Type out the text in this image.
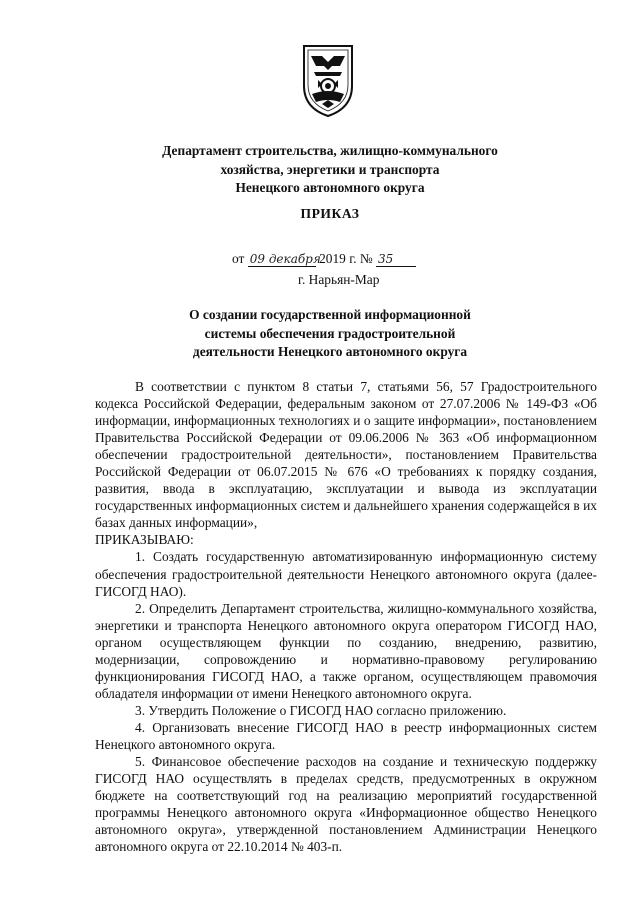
Департамент строительства, жилищно-коммунального
хозяйства, энергетики и транспорта
Ненецкого автономного округа
ПРИКАЗ
от 09 декабря 2019 г. № 35
г. Нарьян-Мар
О создании государственной информационной
системы обеспечения градостроительной
деятельности Ненецкого автономного округа

В соответствии с пунктом 8 статьи 7, статьями 56, 57 Градостроительного кодекса Российской Федерации, федеральным законом от 27.07.2006 № 149-ФЗ «Об информации, информационных технологиях и о защите информации», постановлением Правительства Российской Федерации от 09.06.2006 № 363 «Об информационном обеспечении градостроительной деятельности», постановлением Правительства Российской Федерации от 06.07.2015 № 676 «О требованиях к порядку создания, развития, ввода в эксплуатацию, эксплуатации и вывода из эксплуатации государственных информационных систем и дальнейшего хранения содержащейся в их базах данных информации»,

ПРИКАЗЫВАЮ:

1. Создать государственную автоматизированную информационную систему обеспечения градостроительной деятельности Ненецкого автономного округа (далее-ГИСОГД НАО).

2. Определить Департамент строительства, жилищно-коммунального хозяйства, энергетики и транспорта Ненецкого автономного округа оператором ГИСОГД НАО, органом осуществляющем функции по созданию, внедрению, развитию, модернизации, сопровождению и нормативно-правовому регулированию функционирования ГИСОГД НАО, а также органом, осуществляющем правомочия обладателя информации от имени Ненецкого автономного округа.

3. Утвердить Положение о ГИСОГД НАО согласно приложению.

4. Организовать внесение ГИСОГД НАО в реестр информационных систем Ненецкого автономного округа.

5. Финансовое обеспечение расходов на создание и техническую поддержку ГИСОГД НАО осуществлять в пределах средств, предусмотренных в окружном бюджете на соответствующий год на реализацию мероприятий государственной программы Ненецкого автономного округа «Информационное общество Ненецкого автономного округа», утвержденной постановлением Администрации Ненецкого автономного округа от 22.10.2014 № 403-п.
